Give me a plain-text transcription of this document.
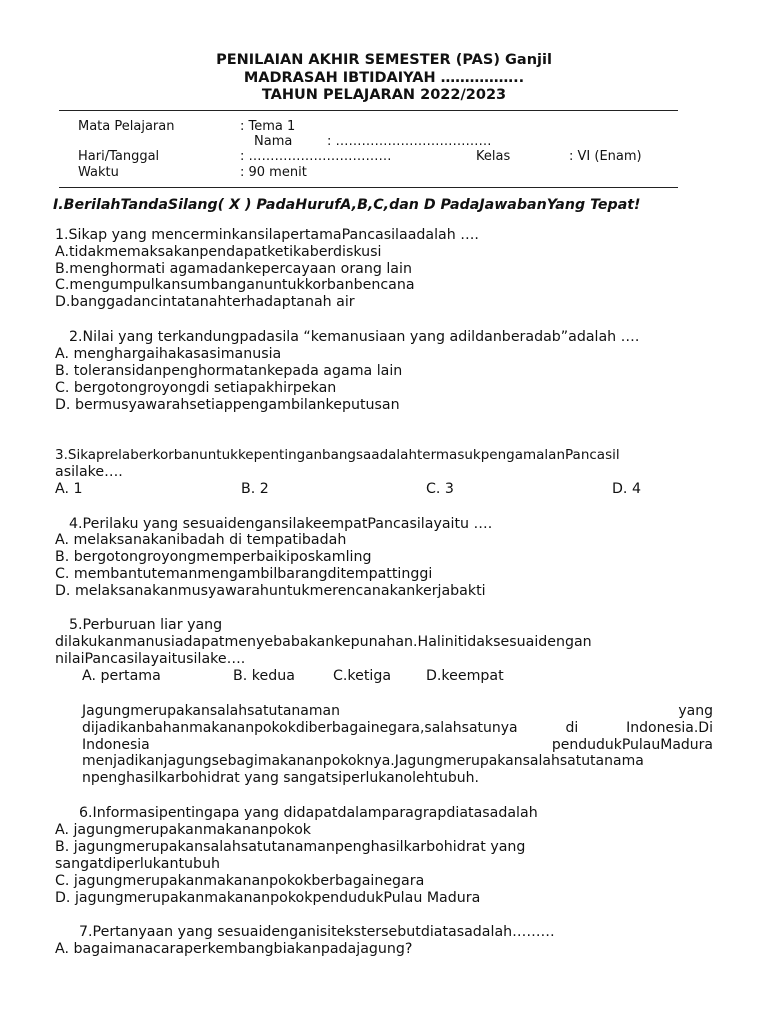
PENILAIAN AKHIR SEMESTER (PAS) Ganjil
MADRASAH IBTIDAIYAH ……………..
TAHUN PELAJARAN 2022/2023
Mata Pelajaran	: Tema 1
Nama	: ………………………………
Hari/Tanggal	: ……………………………	Kelas	: VI (Enam)
Waktu	: 90 menit
I.BerilahTandaSilang( X ) PadaHurufA,B,C,dan D PadaJawabanYang Tepat!
1.Sikap yang mencerminkansilapertamaPancasilaadalah ….
A.tidakmemaksakanpendapatketikaberdiskusi
B.menghormati agamadankepercayaan orang lain
C.mengumpulkansumbanganuntukkorbanbencana
D.banggadancintatanahterhadaptanah air
2.Nilai yang terkandungpadasila “kemanusiaan yang adildanberadab”adalah ….
A. menghargaihakasasimanusia
B. toleransidanpenghormatankepada agama lain
C. bergotongroyongdi setiapakhirpekan
D. bermusyawarahsetiappengambilankeputusan
3.SikaprelaberkorbanuntukkepentinganbangsaadalahtermasukpengamalanPancasil
asilake….
A. 1	B. 2	C. 3	D. 4
4.Perilaku yang sesuaidengansilakeempatPancasilayaitu ….
A. melaksanakanibadah di tempatibadah
B. bergotongroyongmemperbaikiposkamling
C. membantutemanmengambilbarangditempattinggi
D. melaksanakanmusyawarahuntukmerencanakankerjabakti
5.Perburuan liar yang
dilakukanmanusiadapatmenyebabakankepunahan.Halinitidaksesuaidengan
nilaiPancasilayaitusilake….
A. pertama	B. kedua	C.ketiga D.keempat
Jagungmerupakansalahsatutanaman	yang
dijadikanbahanmakananpokokdiberbagainegara,salahsatunya	di	Indonesia.Di
Indonesia	pendudukPulauMadura
menjadikanjagungsebagimakananpokoknya.Jagungmerupakansalahsatutanama
npenghasilkarbohidrat yang sangatsiperlukanolehtubuh.
6.Informasipentingapa yang didapatdalamparagrapdiatasadalah
A. jagungmerupakanmakananpokok
B. jagungmerupakansalahsatutanamanpenghasilkarbohidrat yang
sangatdiperlukantubuh
C. jagungmerupakanmakananpokokberbagainegara
D. jagungmerupakanmakananpokokpendudukPulau Madura
7.Pertanyaan yang sesuaidenganisitekstersebutdiatasadalah………
A. bagaimanacaraperkembangbiakanpadajagung?
